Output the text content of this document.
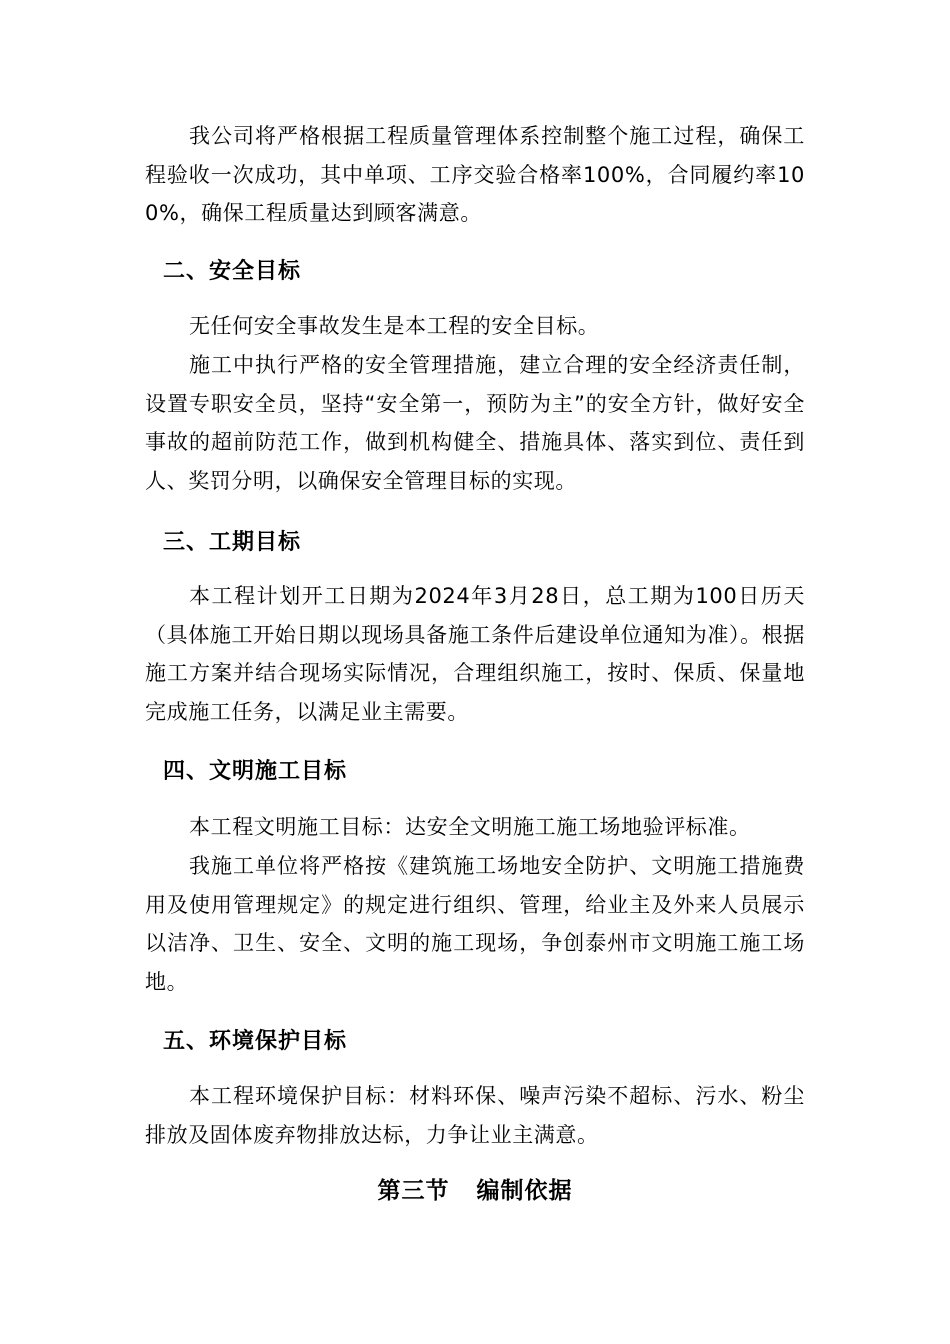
我公司将严格根据工程质量管理体系控制整个施工过程，确保工程验收一次成功，其中单项、工序交验合格率100%，合同履约率100%，确保工程质量达到顾客满意。

二、安全目标

无任何安全事故发生是本工程的安全目标。

施工中执行严格的安全管理措施，建立合理的安全经济责任制，设置专职安全员，坚持“安全第一，预防为主”的安全方针，做好安全事故的超前防范工作，做到机构健全、措施具体、落实到位、责任到人、奖罚分明，以确保安全管理目标的实现。

三、工期目标

本工程计划开工日期为2024年3月28日，总工期为100日历天（具体施工开始日期以现场具备施工条件后建设单位通知为准）。根据施工方案并结合现场实际情况，合理组织施工，按时、保质、保量地完成施工任务，以满足业主需要。

四、文明施工目标

本工程文明施工目标：达安全文明施工施工场地验评标准。

我施工单位将严格按《建筑施工场地安全防护、文明施工措施费用及使用管理规定》的规定进行组织、管理，给业主及外来人员展示以洁净、卫生、安全、文明的施工现场，争创泰州市文明施工施工场地。

五、环境保护目标

本工程环境保护目标：材料环保、噪声污染不超标、污水、粉尘排放及固体废弃物排放达标，力争让业主满意。

第三节   编制依据
